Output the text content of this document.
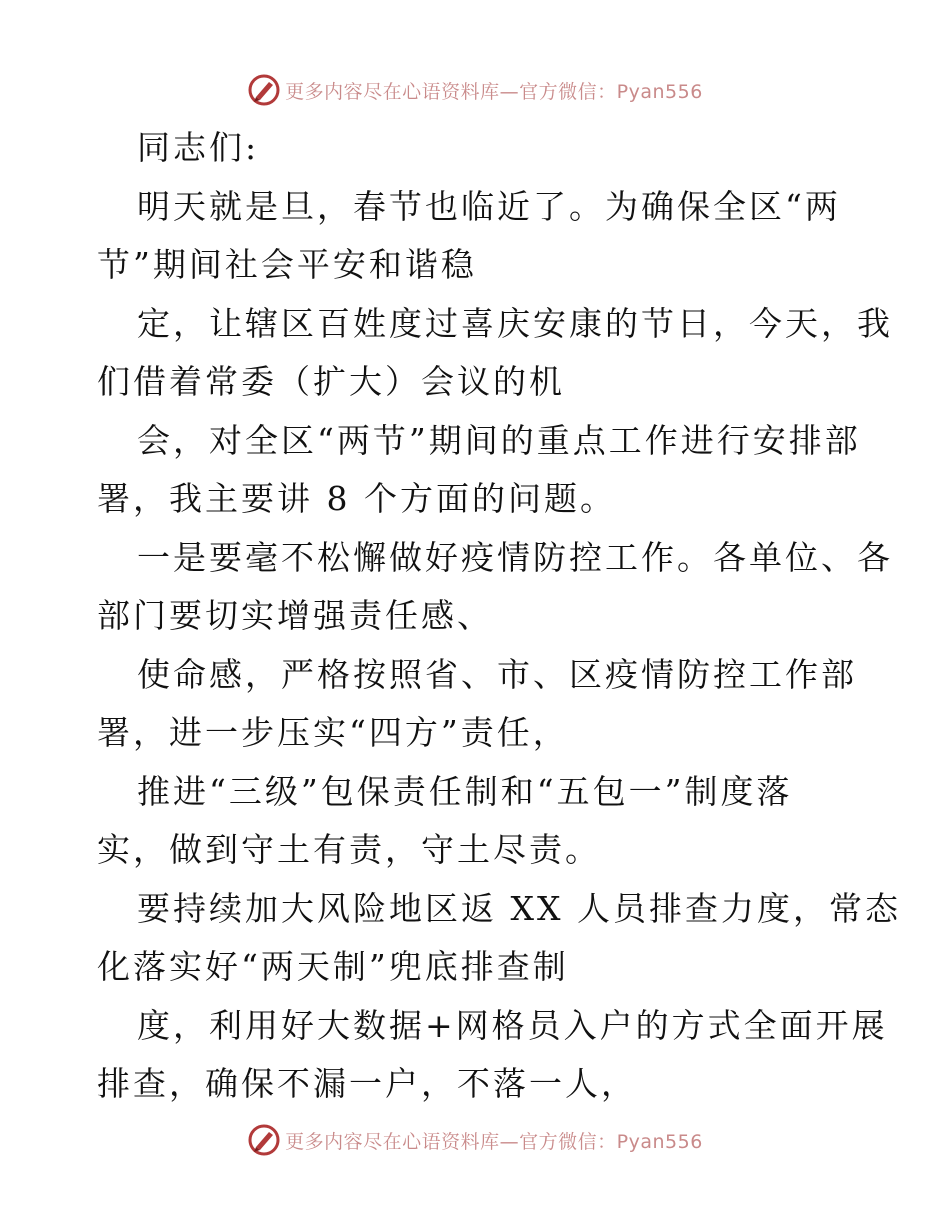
更多内容尽在心语资料库—官方微信：Pyan556
同志们:
明天就是旦，春节也临近了。为确保全区“两
节”期间社会平安和谐稳
定，让辖区百姓度过喜庆安康的节日，今天，我
们借着常委（扩大）会议的机
会，对全区“两节”期间的重点工作进行安排部
署，我主要讲 8 个方面的问题。
一是要毫不松懈做好疫情防控工作。各单位、各
部门要切实增强责任感、
使命感，严格按照省、市、区疫情防控工作部
署，进一步压实“四方”责任，
推进“三级”包保责任制和“五包一”制度落
实，做到守土有责，守土尽责。
要持续加大风险地区返 XX 人员排查力度，常态
化落实好“两天制”兜底排查制
度，利用好大数据+网格员入户的方式全面开展
排查，确保不漏一户，不落一人，
更多内容尽在心语资料库—官方微信：Pyan556
